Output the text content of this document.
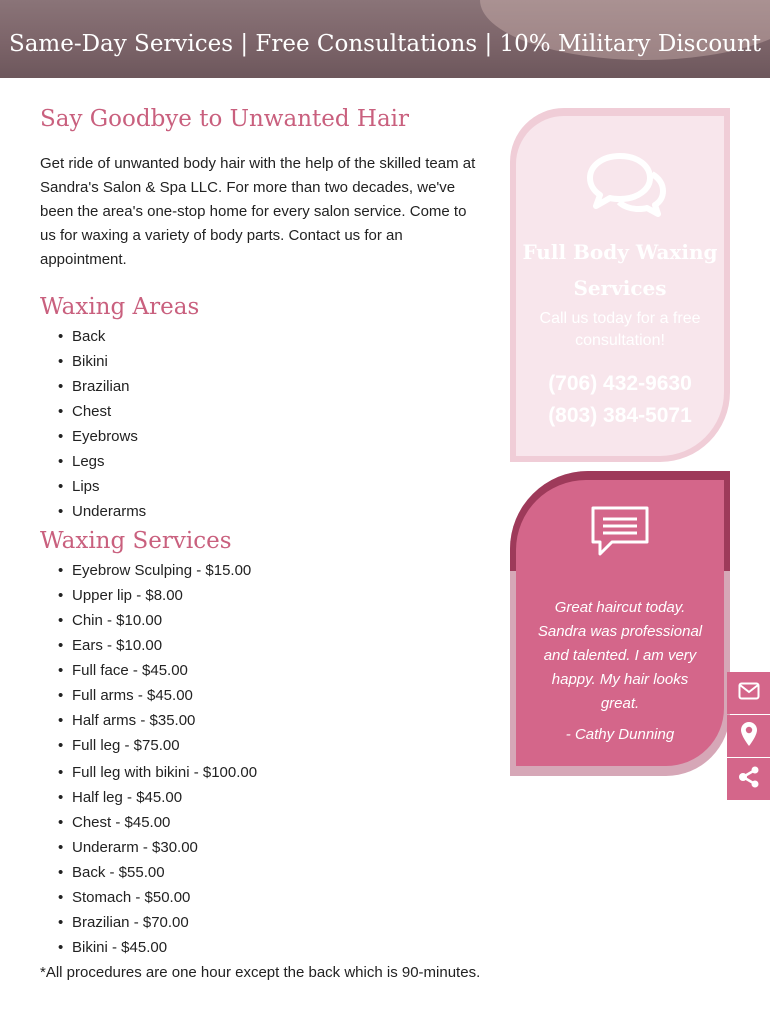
Same-Day Services | Free Consultations | 10% Military Discount
Say Goodbye to Unwanted Hair

Get ride of unwanted body hair with the help of the skilled team at Sandra's Salon & Spa LLC. For more than two decades, we've been the area's one-stop home for every salon service. Come to us for waxing a variety of body parts. Contact us for an appointment.

Waxing Areas
• Back
• Bikini
• Brazilian
• Chest
• Eyebrows
• Legs
• Lips
• Underarms
Waxing Services
• Eyebrow Sculping - $15.00
• Upper lip - $8.00
• Chin - $10.00
• Ears - $10.00
• Full face - $45.00
• Full arms - $45.00
• Half arms - $35.00
• Full leg - $75.00
• Full leg with bikini - $100.00
• Half leg - $45.00
• Chest - $45.00
• Underarm - $30.00
• Back - $55.00
• Stomach - $50.00
• Brazilian - $70.00
• Bikini - $45.00

*All procedures are one hour except the back which is 90-minutes.

Full Body Waxing Services
Call us today for a free consultation!
(706) 432-9630
(803) 384-5071
Great haircut today. Sandra was professional and talented. I am very happy. My hair looks great.
- Cathy Dunning
